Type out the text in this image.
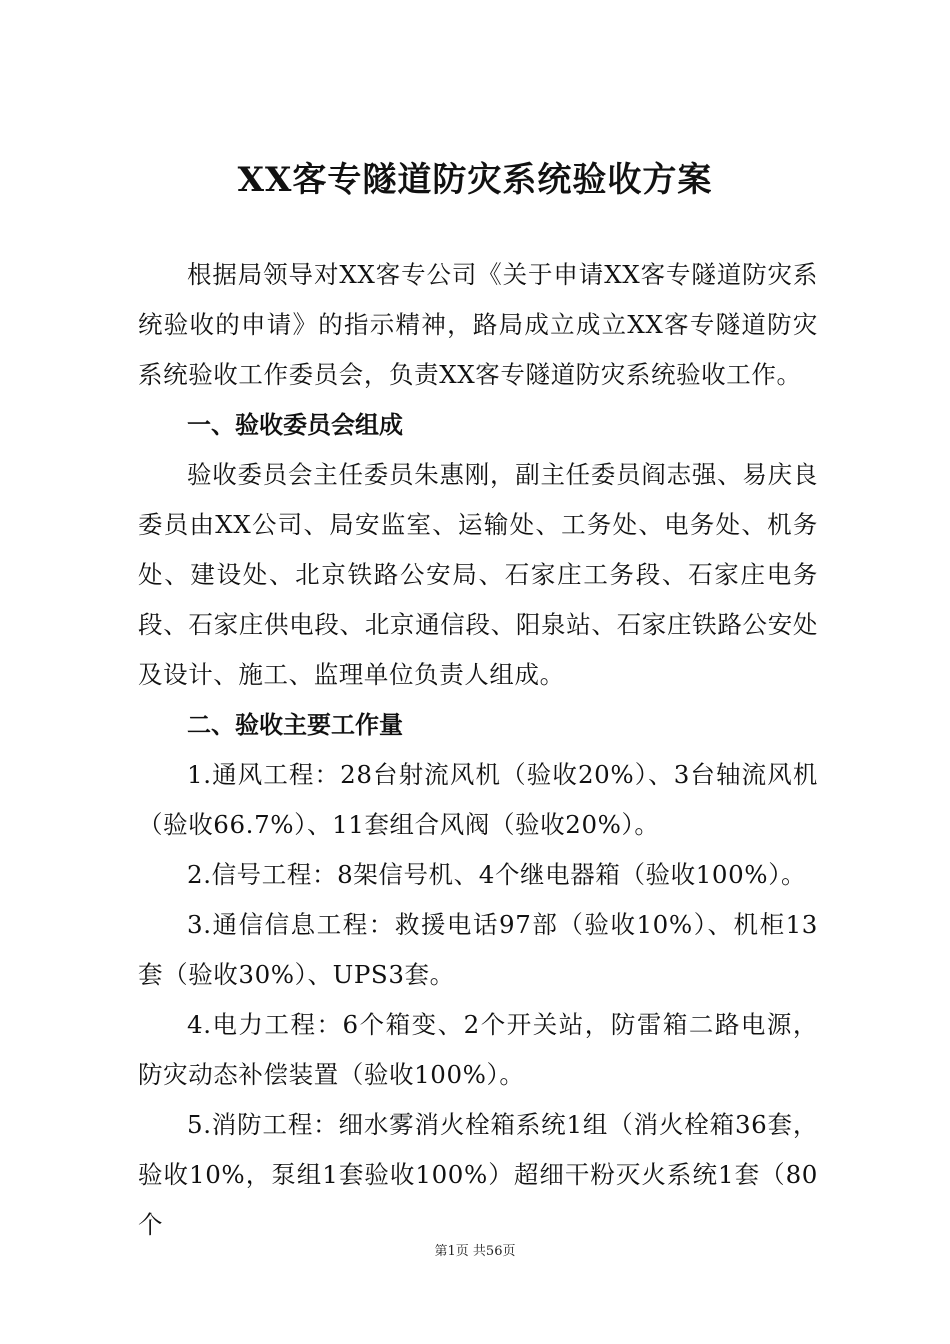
XX客专隧道防灾系统验收方案

根据局领导对XX客专公司《关于申请XX客专隧道防灾系统验收的申请》的指示精神，路局成立成立XX客专隧道防灾系统验收工作委员会，负责XX客专隧道防灾系统验收工作。

一、验收委员会组成

验收委员会主任委员朱惠刚，副主任委员阎志强、易庆良委员由XX公司、局安监室、运输处、工务处、电务处、机务处、建设处、北京铁路公安局、石家庄工务段、石家庄电务段、石家庄供电段、北京通信段、阳泉站、石家庄铁路公安处及设计、施工、监理单位负责人组成。

二、验收主要工作量

1.通风工程：28台射流风机（验收20%）、3台轴流风机（验收66.7%）、11套组合风阀（验收20%）。

2.信号工程：8架信号机、4个继电器箱（验收100%）。

3.通信信息工程：救援电话97部（验收10%）、机柜13套（验收30%）、UPS3套。

4.电力工程：6个箱变、2个开关站，防雷箱二路电源，防灾动态补偿装置（验收100%）。

5.消防工程：细水雾消火栓箱系统1组（消火栓箱36套，验收10%，泵组1套验收100%）超细干粉灭火系统1套（80个

第1页 共56页
